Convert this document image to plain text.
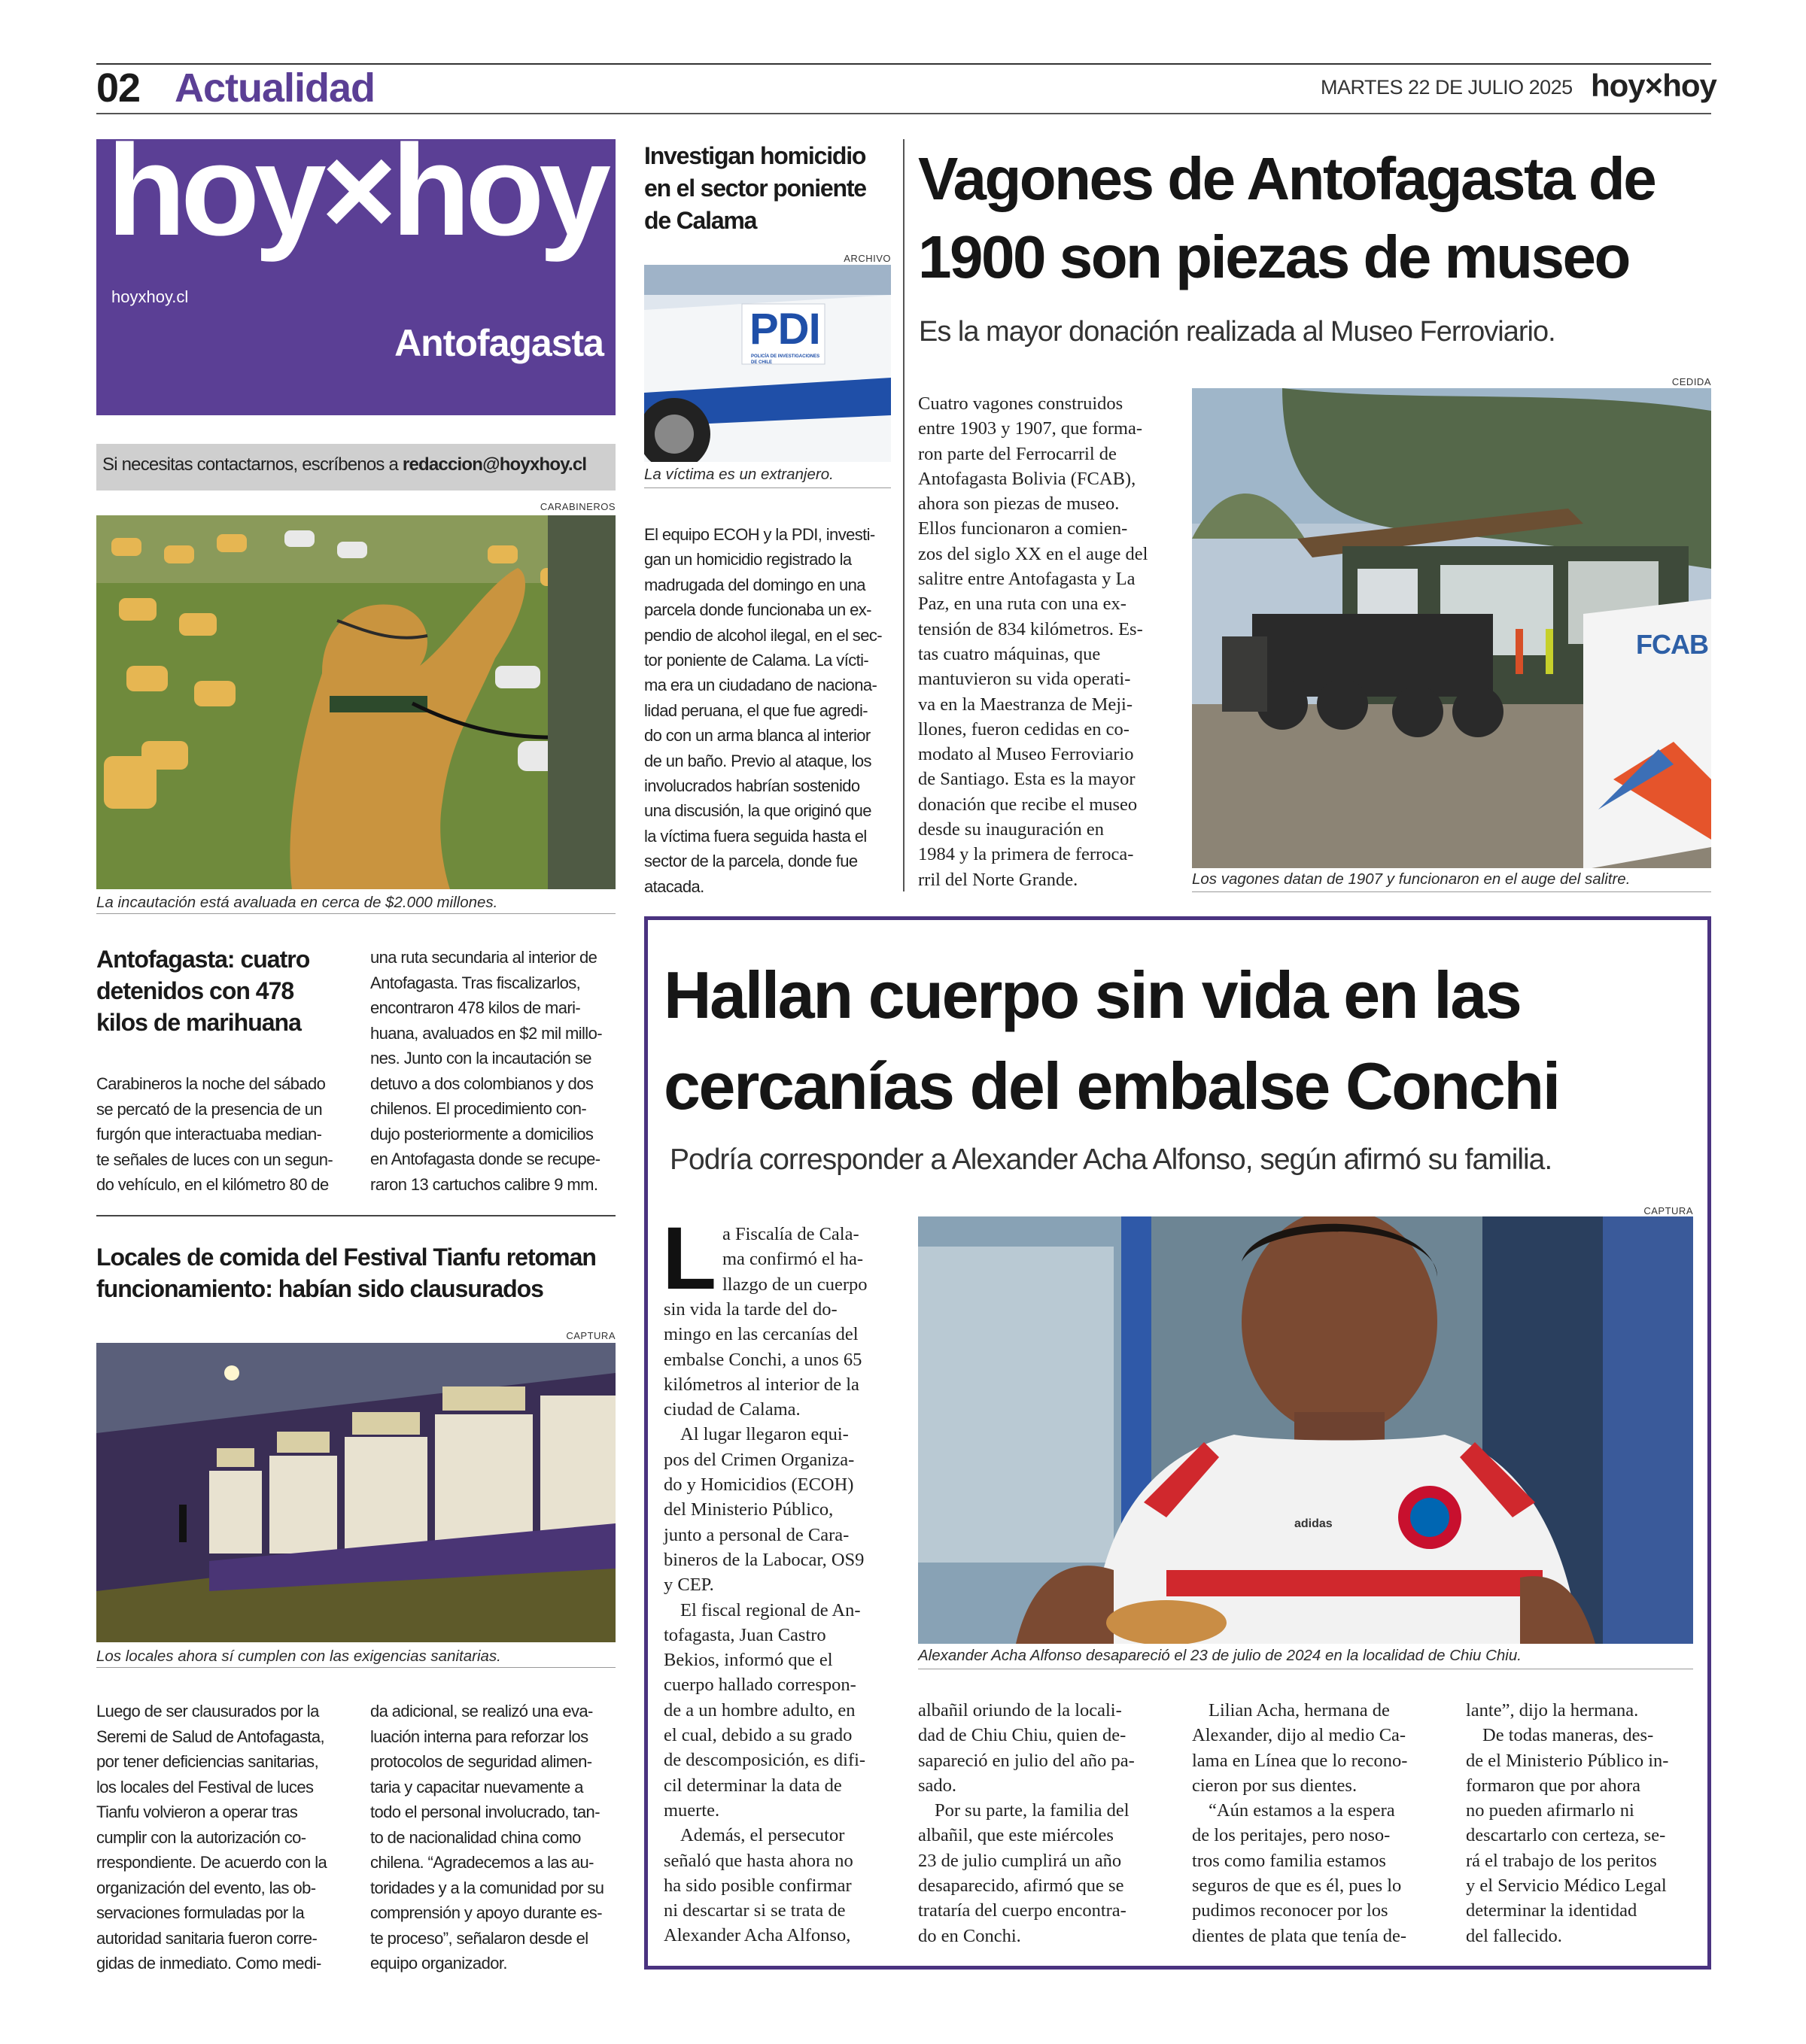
02 Actualidad	MARTES 22 DE JULIO 2025 hoy×hoy
hoy×hoy
hoyxhoy.cl
Antofagasta
Si necesitas contactarnos, escríbenos a redaccion@hoyxhoy.cl
CARABINEROS
La incautación está avaluada en cerca de $2.000 millones.
Antofagasta: cuatro
detenidos con 478
kilos de marihuana
Carabineros la noche del sábado
se percató de la presencia de un
furgón que interactuaba median-
te señales de luces con un segun-
do vehículo, en el kilómetro 80 de
una ruta secundaria al interior de
Antofagasta. Tras fiscalizarlos,
encontraron 478 kilos de mari-
huana, avaluados en $2 mil millo-
nes. Junto con la incautación se
detuvo a dos colombianos y dos
chilenos. El procedimiento con-
dujo posteriormente a domicilios
en Antofagasta donde se recupe-
raron 13 cartuchos calibre 9 mm.
Locales de comida del Festival Tianfu retoman
funcionamiento: habían sido clausurados
CAPTURA
Los locales ahora sí cumplen con las exigencias sanitarias.
Luego de ser clausurados por la
Seremi de Salud de Antofagasta,
por tener deficiencias sanitarias,
los locales del Festival de luces
Tianfu volvieron a operar tras
cumplir con la autorización co-
rrespondiente. De acuerdo con la
organización del evento, las ob-
servaciones formuladas por la
autoridad sanitaria fueron corre-
gidas de inmediato. Como medi-
da adicional, se realizó una eva-
luación interna para reforzar los
protocolos de seguridad alimen-
taria y capacitar nuevamente a
todo el personal involucrado, tan-
to de nacionalidad china como
chilena. “Agradecemos a las au-
toridades y a la comunidad por su
comprensión y apoyo durante es-
te proceso”, señalaron desde el
equipo organizador.
Investigan homicidio
en el sector poniente
de Calama
ARCHIVO
PDI
POLICÍA DE INVESTIGACIONES DE CHILE
La víctima es un extranjero.
El equipo ECOH y la PDI, investi-
gan un homicidio registrado la
madrugada del domingo en una
parcela donde funcionaba un ex-
pendio de alcohol ilegal, en el sec-
tor poniente de Calama. La vícti-
ma era un ciudadano de naciona-
lidad peruana, el que fue agredi-
do con un arma blanca al interior
de un baño. Previo al ataque, los
involucrados habrían sostenido
una discusión, la que originó que
la víctima fuera seguida hasta el
sector de la parcela, donde fue
atacada.
Vagones de Antofagasta de
1900 son piezas de museo
Es la mayor donación realizada al Museo Ferroviario.
Cuatro vagones construidos
entre 1903 y 1907, que forma-
ron parte del Ferrocarril de
Antofagasta Bolivia (FCAB),
ahora son piezas de museo.
Ellos funcionaron a comien-
zos del siglo XX en el auge del
salitre entre Antofagasta y La
Paz, en una ruta con una ex-
tensión de 834 kilómetros. Es-
tas cuatro máquinas, que
mantuvieron su vida operati-
va en la Maestranza de Meji-
llones, fueron cedidas en co-
modato al Museo Ferroviario
de Santiago. Esta es la mayor
donación que recibe el museo
desde su inauguración en
1984 y la primera de ferroca-
rril del Norte Grande.
CEDIDA
FCAB
Los vagones datan de 1907 y funcionaron en el auge del salitre.
Hallan cuerpo sin vida en las
cercanías del embalse Conchi
Podría corresponder a Alexander Acha Alfonso, según afirmó su familia.
L a Fiscalía de Cala-
ma confirmó el ha-
llazgo de un cuerpo
sin vida la tarde del do-
mingo en las cercanías del
embalse Conchi, a unos 65
kilómetros al interior de la
ciudad de Calama.
Al lugar llegaron equi-
pos del Crimen Organiza-
do y Homicidios (ECOH)
del Ministerio Público,
junto a personal de Cara-
bineros de la Labocar, OS9
y CEP.
El fiscal regional de An-
tofagasta, Juan Castro
Bekios, informó que el
cuerpo hallado correspon-
de a un hombre adulto, en
el cual, debido a su grado
de descomposición, es difi-
cil determinar la data de
muerte.
Además, el persecutor
señaló que hasta ahora no
ha sido posible confirmar
ni descartar si se trata de
Alexander Acha Alfonso,
CAPTURA
adidas
Alexander Acha Alfonso desapareció el 23 de julio de 2024 en la localidad de Chiu Chiu.
albañil oriundo de la locali-
dad de Chiu Chiu, quien de-
sapareció en julio del año pa-
sado.
Por su parte, la familia del
albañil, que este miércoles
23 de julio cumplirá un año
desaparecido, afirmó que se
trataría del cuerpo encontra-
do en Conchi.
Lilian Acha, hermana de
Alexander, dijo al medio Ca-
lama en Línea que lo recono-
cieron por sus dientes.
“Aún estamos a la espera
de los peritajes, pero noso-
tros como familia estamos
seguros de que es él, pues lo
pudimos reconocer por los
dientes de plata que tenía de-
lante”, dijo la hermana.
De todas maneras, des-
de el Ministerio Público in-
formaron que por ahora
no pueden afirmarlo ni
descartarlo con certeza, se-
rá el trabajo de los peritos
y el Servicio Médico Legal
determinar la identidad
del fallecido.
